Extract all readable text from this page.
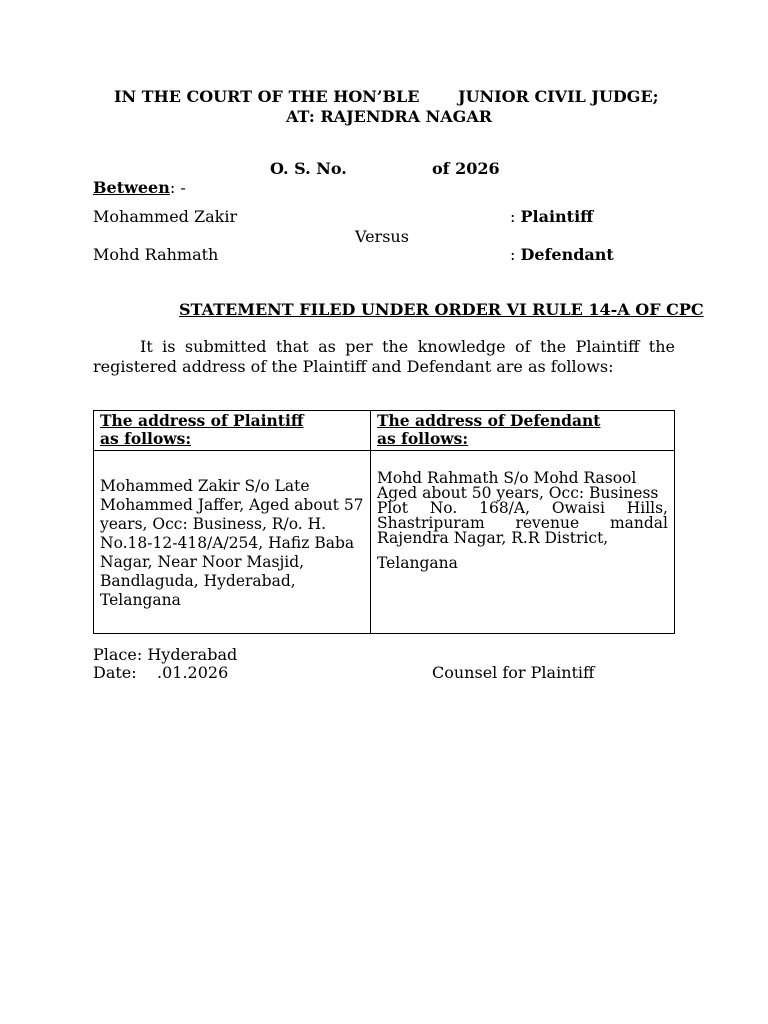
IN THE COURT OF THE HON’BLE JUNIOR CIVIL JUDGE;
AT: RAJENDRA NAGAR
O. S. No.	of 2026
Between: -
Mohammed Zakir	: Plaintiff
Versus
Mohd Rahmath	: Defendant
STATEMENT FILED UNDER ORDER VI RULE 14-A OF CPC
It is submitted that as per the knowledge of the Plaintiff the registered address of the Plaintiff and Defendant are as follows:
The address of Plaintiff
as follows:	The address of Defendant
as follows:

Mohammed Zakir S/o Late Mohammed Jaffer, Aged about 57 years, Occ: Business, R/o. H. No.18-12-418/A/254, Hafiz Baba Nagar, Near Noor Masjid, Bandlaguda, Hyderabad, Telangana	Mohd Rahmath S/o Mohd Rasool
Aged about 50 years, Occ: Business
Plot No. 168/A, Owaisi Hills, Shastripuram revenue mandal Rajendra Nagar, R.R District,
Telangana
Place: Hyderabad
Date: .01.2026	Counsel for Plaintiff
